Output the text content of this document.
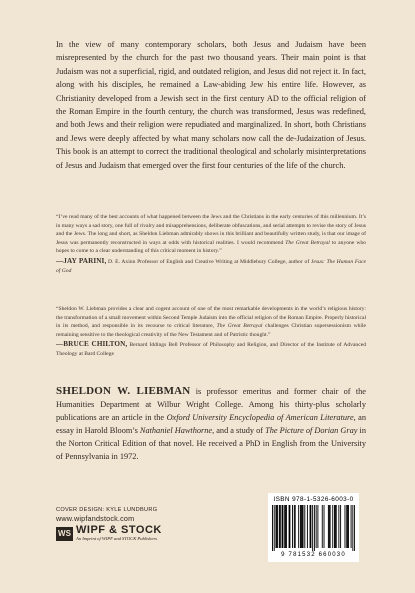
In the view of many contemporary scholars, both Jesus and Judaism have been misrepresented by the church for the past two thousand years. Their main point is that Judaism was not a superficial, rigid, and outdated religion, and Jesus did not reject it. In fact, along with his disciples, he remained a Law-abiding Jew his entire life. However, as Christianity developed from a Jewish sect in the first century AD to the official religion of the Roman Empire in the fourth century, the church was transformed, Jesus was redefined, and both Jews and their religion were repudiated and marginalized. In short, both Christians and Jews were deeply affected by what many scholars now call the de-Judaization of Jesus. This book is an attempt to correct the traditional theological and scholarly misinterpretations of Jesus and Judaism that emerged over the first four centuries of the life of the church.

“I’ve read many of the best accounts of what happened between the Jews and the Christians in the early centuries of this millennium. It’s in many ways a sad story, one full of rivalry and misapprehensions, deliberate obfuscations, and serial attempts to revise the story of Jesus and the Jews. The long and short, as Sheldon Liebman admirably shows in this brilliant and beautifully written study, is that our image of Jesus was permanently reconstructed in ways at odds with historical realities. I would recommend The Great Betrayal to anyone who hopes to come to a clear understanding of this critical moment in history.”

—JAY PARINI, D. E. Axinn Professor of English and Creative Writing at Middlebury College, author of Jesus: The Human Face of God

“Sheldon W. Liebman provides a clear and cogent account of one of the most remarkable developments in the world’s religious history: the transformation of a small movement within Second Temple Judaism into the official religion of the Roman Empire. Properly historical in its method, and responsible in its recourse to critical literature, The Great Betrayal challenges Christian supersessionism while remaining sensitive to the theological creativity of the New Testament and of Patristic thought.”

—BRUCE CHILTON, Bernard Iddings Bell Professor of Philosophy and Religion, and Director of the Institute of Advanced Theology at Bard College

SHELDON W. LIEBMAN is professor emeritus and former chair of the Humanities Department at Wilbur Wright College. Among his thirty-plus scholarly publications are an article in the Oxford University Encyclopedia of American Literature, an essay in Harold Bloom’s Nathaniel Hawthorne, and a study of The Picture of Dorian Gray in the Norton Critical Edition of that novel. He received a PhD in English from the University of Pennsylvania in 1972.

COVER DESIGN: KYLE LUNDBURG

www.wipfandstock.com

WS WIPF & STOCK
An Imprint of WIPF and STOCK Publishers
ISBN 978-1-5326-6003-0
9 781532 660030
